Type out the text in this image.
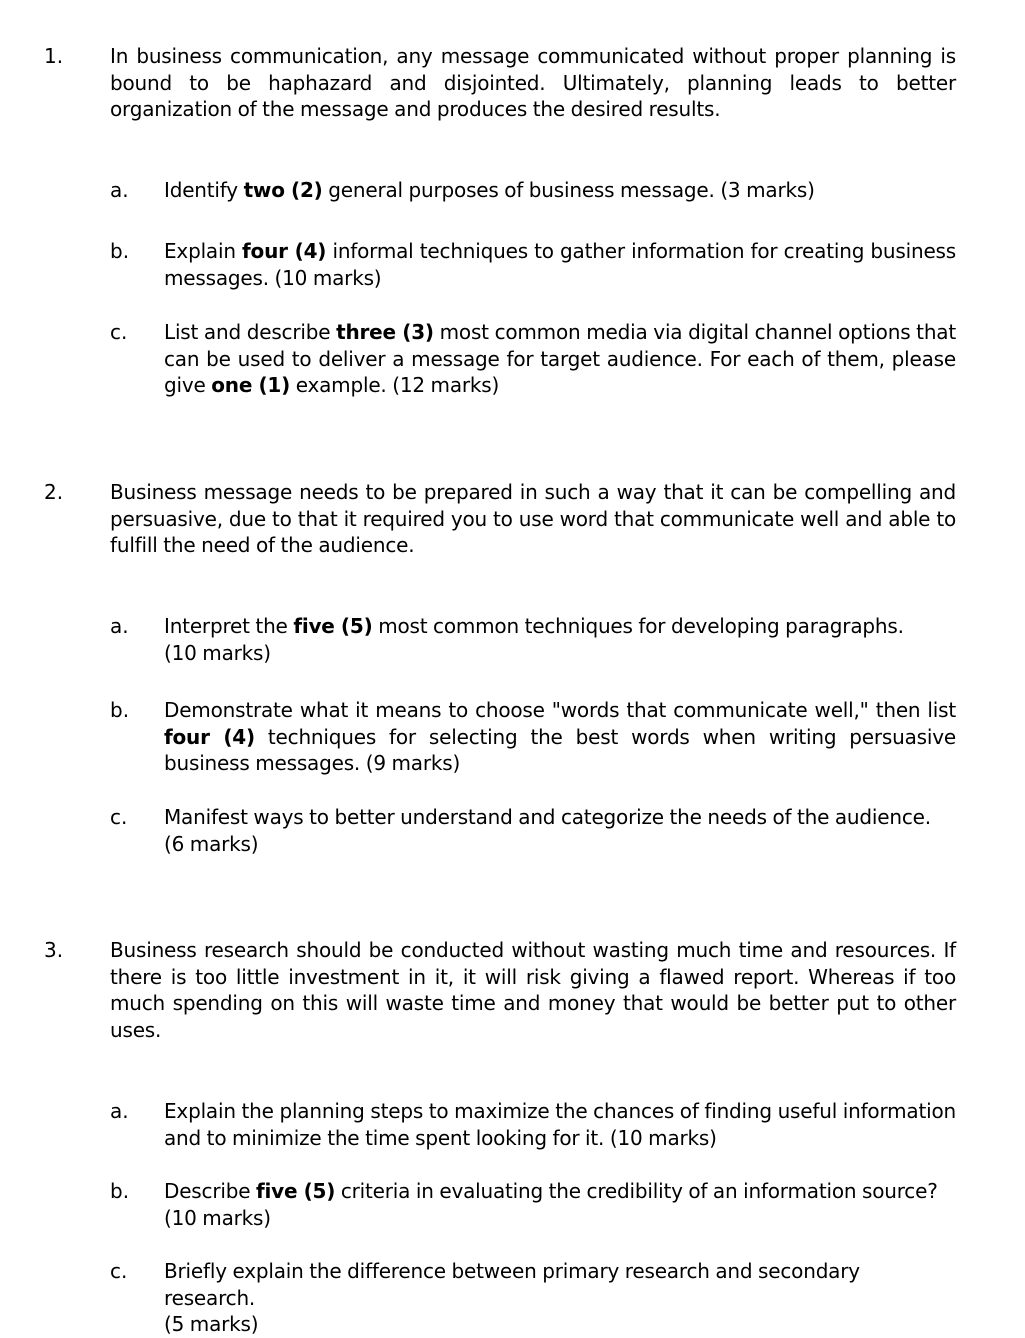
1. In business communication, any message communicated without proper planning is bound to be haphazard and disjointed. Ultimately, planning leads to better organization of the message and produces the desired results.
a. Identify two (2) general purposes of business message. (3 marks)
b. Explain four (4) informal techniques to gather information for creating business messages. (10 marks)
c. List and describe three (3) most common media via digital channel options that can be used to deliver a message for target audience. For each of them, please give one (1) example. (12 marks)
2. Business message needs to be prepared in such a way that it can be compelling and persuasive, due to that it required you to use word that communicate well and able to fulfill the need of the audience.
a. Interpret the five (5) most common techniques for developing paragraphs.
(10 marks)
b. Demonstrate what it means to choose "words that communicate well," then list four (4) techniques for selecting the best words when writing persuasive business messages. (9 marks)
c. Manifest ways to better understand and categorize the needs of the audience.
(6 marks)
3. Business research should be conducted without wasting much time and resources. If there is too little investment in it, it will risk giving a flawed report. Whereas if too much spending on this will waste time and money that would be better put to other uses.
a. Explain the planning steps to maximize the chances of finding useful information and to minimize the time spent looking for it. (10 marks)
b. Describe five (5) criteria in evaluating the credibility of an information source?
(10 marks)
c. Briefly explain the difference between primary research and secondary research.
(5 marks)
